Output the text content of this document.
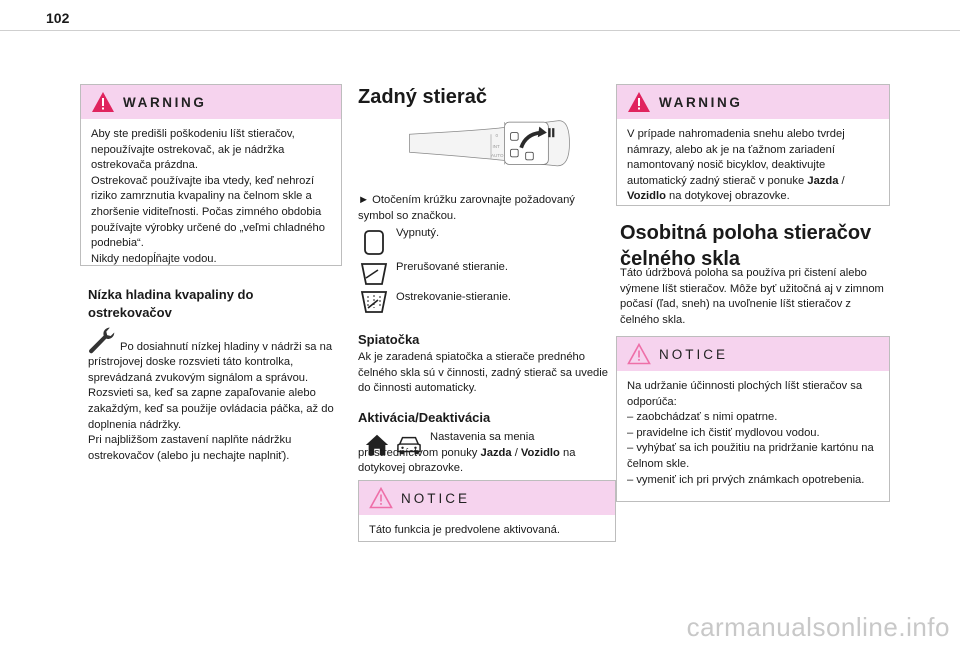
102
WARNING
Aby ste predišli poškodeniu líšt stieračov, nepoužívajte ostrekovač, ak je nádržka ostrekovača prázdna.
Ostrekovač používajte iba vtedy, keď nehrozí riziko zamrznutia kvapaliny na čelnom skle a zhoršenie viditeľnosti. Počas zimného obdobia používajte výrobky určené do „veľmi chladného podnebia“.
Nikdy nedopĺňajte vodou.
Nízka hladina kvapaliny do ostrekovačov

Po dosiahnutí nízkej hladiny v nádrži sa na prístrojovej doske rozsvieti táto kontrolka, sprevádzaná zvukovým signálom a správou.
Rozsvieti sa, keď sa zapne zapaľovanie alebo zakaždým, keď sa použije ovládacia páčka, až do doplnenia nádržky.
Pri najbližšom zastavení naplňte nádržku ostrekovačov (alebo ju nechajte naplniť).

Zadný stierač
0
INT
AUTO
► Otočením krúžku zarovnajte požadovaný symbol so značkou.
Vypnutý.
Prerušované stieranie.
Ostrekovanie-stieranie.
Spiatočka
Ak je zaradená spiatočka a stierače predného čelného skla sú v činnosti, zadný stierač sa uvedie do činnosti automaticky.
Aktivácia/Deaktivácia
Nastavenia sa menia prostredníctvom ponuky Jazda / Vozidlo na dotykovej obrazovke.
NOTICE
Táto funkcia je predvolene aktivovaná.
WARNING
V prípade nahromadenia snehu alebo tvrdej námrazy, alebo ak je na ťažnom zariadení namontovaný nosič bicyklov, deaktivujte automatický zadný stierač v ponuke Jazda / Vozidlo na dotykovej obrazovke.
Osobitná poloha stieračov čelného skla
Táto údržbová poloha sa používa pri čistení alebo výmene líšt stieračov. Môže byť užitočná aj v zimnom počasí (ľad, sneh) na uvoľnenie líšt stieračov z čelného skla.
NOTICE
Na udržanie účinnosti plochých líšt stieračov sa odporúča:
– zaobchádzať s nimi opatrne.
– pravidelne ich čistiť mydlovou vodou.
– vyhýbať sa ich použitiu na pridržanie kartónu na čelnom skle.
– vymeniť ich pri prvých známkach opotrebenia.
carmanualsonline.info
